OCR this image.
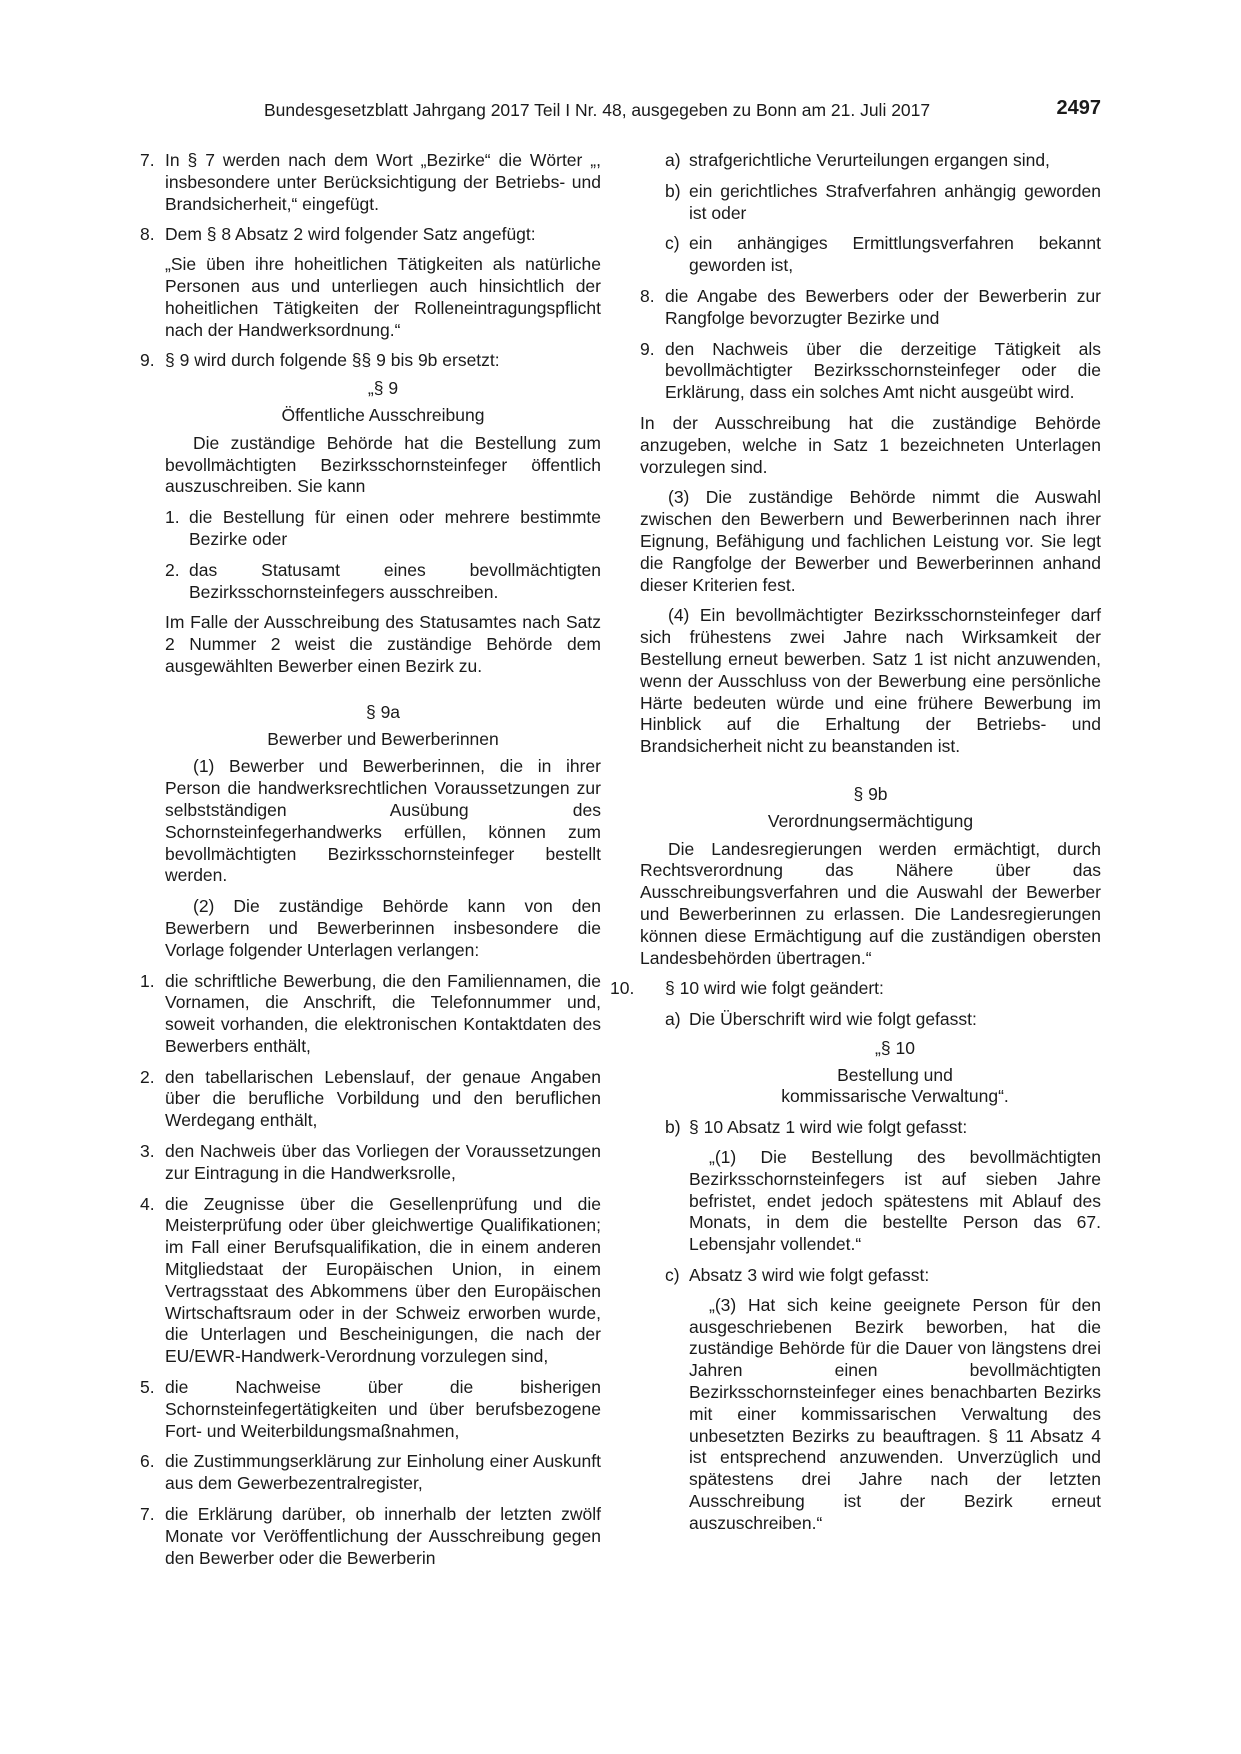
Bundesgesetzblatt Jahrgang 2017 Teil I Nr. 48, ausgegeben zu Bonn am 21. Juli 2017	2497
7. In § 7 werden nach dem Wort „Bezirke“ die Wörter „, insbesondere unter Berücksichtigung der Betriebs- und Brandsicherheit,“ eingefügt.
8. Dem § 8 Absatz 2 wird folgender Satz angefügt:
„Sie üben ihre hoheitlichen Tätigkeiten als natürliche Personen aus und unterliegen auch hinsichtlich der hoheitlichen Tätigkeiten der Rolleneintragungspflicht nach der Handwerksordnung.“
9. § 9 wird durch folgende §§ 9 bis 9b ersetzt:
„§ 9
Öffentliche Ausschreibung
Die zuständige Behörde hat die Bestellung zum bevollmächtigten Bezirksschornsteinfeger öffentlich auszuschreiben. Sie kann
1. die Bestellung für einen oder mehrere bestimmte Bezirke oder
2. das Statusamt eines bevollmächtigten Bezirksschornsteinfegers ausschreiben.
Im Falle der Ausschreibung des Statusamtes nach Satz 2 Nummer 2 weist die zuständige Behörde dem ausgewählten Bewerber einen Bezirk zu.
§ 9a
Bewerber und Bewerberinnen
(1) Bewerber und Bewerberinnen, die in ihrer Person die handwerksrechtlichen Voraussetzungen zur selbstständigen Ausübung des Schornsteinfegerhandwerks erfüllen, können zum bevollmächtigten Bezirksschornsteinfeger bestellt werden.
(2) Die zuständige Behörde kann von den Bewerbern und Bewerberinnen insbesondere die Vorlage folgender Unterlagen verlangen:
1. die schriftliche Bewerbung, die den Familiennamen, die Vornamen, die Anschrift, die Telefonnummer und, soweit vorhanden, die elektronischen Kontaktdaten des Bewerbers enthält,
2. den tabellarischen Lebenslauf, der genaue Angaben über die berufliche Vorbildung und den beruflichen Werdegang enthält,
3. den Nachweis über das Vorliegen der Voraussetzungen zur Eintragung in die Handwerksrolle,
4. die Zeugnisse über die Gesellenprüfung und die Meisterprüfung oder über gleichwertige Qualifikationen; im Fall einer Berufsqualifikation, die in einem anderen Mitgliedstaat der Europäischen Union, in einem Vertragsstaat des Abkommens über den Europäischen Wirtschaftsraum oder in der Schweiz erworben wurde, die Unterlagen und Bescheinigungen, die nach der EU/EWR-Handwerk-Verordnung vorzulegen sind,
5. die Nachweise über die bisherigen Schornsteinfegertätigkeiten und über berufsbezogene Fort- und Weiterbildungsmaßnahmen,
6. die Zustimmungserklärung zur Einholung einer Auskunft aus dem Gewerbezentralregister,
7. die Erklärung darüber, ob innerhalb der letzten zwölf Monate vor Veröffentlichung der Ausschreibung gegen den Bewerber oder die Bewerberin
a) strafgerichtliche Verurteilungen ergangen sind,
b) ein gerichtliches Strafverfahren anhängig geworden ist oder
c) ein anhängiges Ermittlungsverfahren bekannt geworden ist,
8. die Angabe des Bewerbers oder der Bewerberin zur Rangfolge bevorzugter Bezirke und
9. den Nachweis über die derzeitige Tätigkeit als bevollmächtigter Bezirksschornsteinfeger oder die Erklärung, dass ein solches Amt nicht ausgeübt wird.
In der Ausschreibung hat die zuständige Behörde anzugeben, welche in Satz 1 bezeichneten Unterlagen vorzulegen sind.
(3) Die zuständige Behörde nimmt die Auswahl zwischen den Bewerbern und Bewerberinnen nach ihrer Eignung, Befähigung und fachlichen Leistung vor. Sie legt die Rangfolge der Bewerber und Bewerberinnen anhand dieser Kriterien fest.
(4) Ein bevollmächtigter Bezirksschornsteinfeger darf sich frühestens zwei Jahre nach Wirksamkeit der Bestellung erneut bewerben. Satz 1 ist nicht anzuwenden, wenn der Ausschluss von der Bewerbung eine persönliche Härte bedeuten würde und eine frühere Bewerbung im Hinblick auf die Erhaltung der Betriebs- und Brandsicherheit nicht zu beanstanden ist.
§ 9b
Verordnungsermächtigung
Die Landesregierungen werden ermächtigt, durch Rechtsverordnung das Nähere über das Ausschreibungsverfahren und die Auswahl der Bewerber und Bewerberinnen zu erlassen. Die Landesregierungen können diese Ermächtigung auf die zuständigen obersten Landesbehörden übertragen.“
10. § 10 wird wie folgt geändert:
a) Die Überschrift wird wie folgt gefasst:
„§ 10
Bestellung und
kommissarische Verwaltung“.
b) § 10 Absatz 1 wird wie folgt gefasst:
„(1) Die Bestellung des bevollmächtigten Bezirksschornsteinfegers ist auf sieben Jahre befristet, endet jedoch spätestens mit Ablauf des Monats, in dem die bestellte Person das 67. Lebensjahr vollendet.“
c) Absatz 3 wird wie folgt gefasst:
„(3) Hat sich keine geeignete Person für den ausgeschriebenen Bezirk beworben, hat die zuständige Behörde für die Dauer von längstens drei Jahren einen bevollmächtigten Bezirksschornsteinfeger eines benachbarten Bezirks mit einer kommissarischen Verwaltung des unbesetzten Bezirks zu beauftragen. § 11 Absatz 4 ist entsprechend anzuwenden. Unverzüglich und spätestens drei Jahre nach der letzten Ausschreibung ist der Bezirk erneut auszuschreiben.“
